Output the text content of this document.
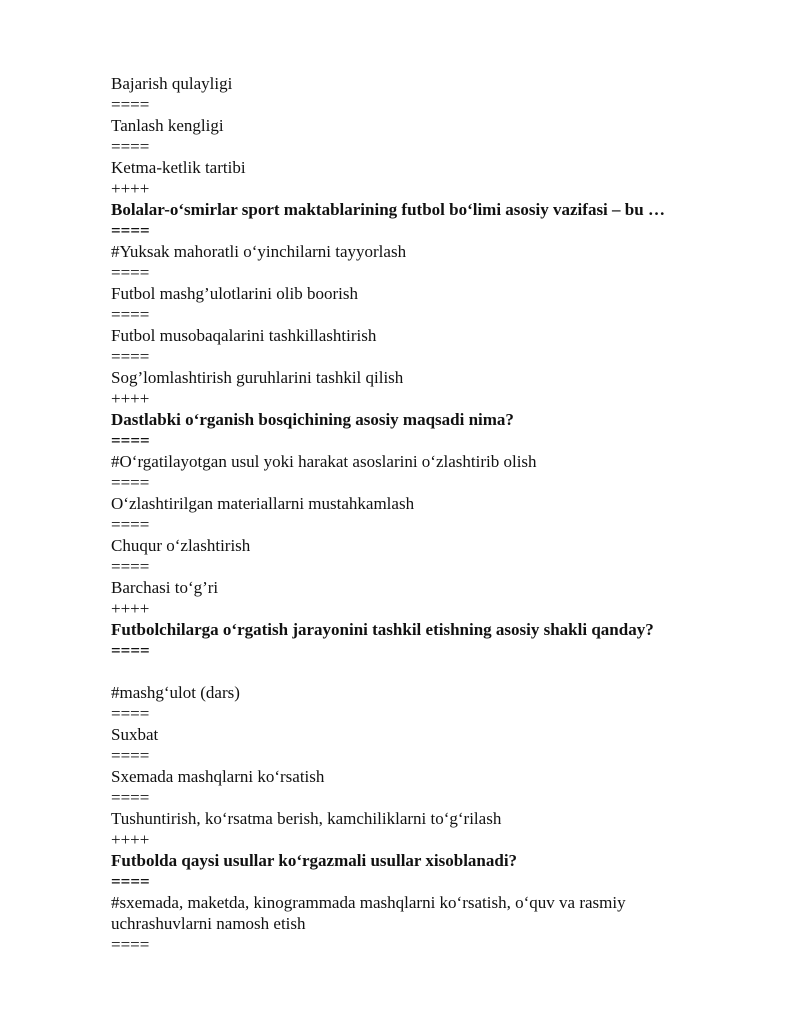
Bajarish qulayligi
====
Tanlash kengligi
====
Ketma-ketlik tartibi
++++
Bolalar-o‘smirlar sport maktablarining futbol bo‘limi asosiy vazifasi – bu …
====
#Yuksak mahoratli o‘yinchilarni tayyorlash
====
Futbol mashg’ulotlarini olib boorish
====
Futbol musobaqalarini tashkillashtirish
====
Sog’lomlashtirish guruhlarini tashkil qilish
++++
Dastlabki o‘rganish bosqichining asosiy maqsadi nima?
====
#O‘rgatilayotgan usul yoki harakat asoslarini o‘zlashtirib olish
====
O‘zlashtirilgan materiallarni mustahkamlash
====
Chuqur o‘zlashtirish
====
Barchasi to‘g’ri
++++
Futbolchilarga o‘rgatish jarayonini tashkil etishning asosiy shakli qanday?
====
#mashg‘ulot (dars)
====
Suxbat
====
Sxemada mashqlarni ko‘rsatish
====
Tushuntirish, ko‘rsatma berish, kamchiliklarni to‘g‘rilash
++++
Futbolda qaysi usullar ko‘rgazmali usullar xisoblanadi?
====
#sxemada, maketda, kinogrammada mashqlarni ko‘rsatish, o‘quv va rasmiy uchrashuvlarni namosh etish
====
